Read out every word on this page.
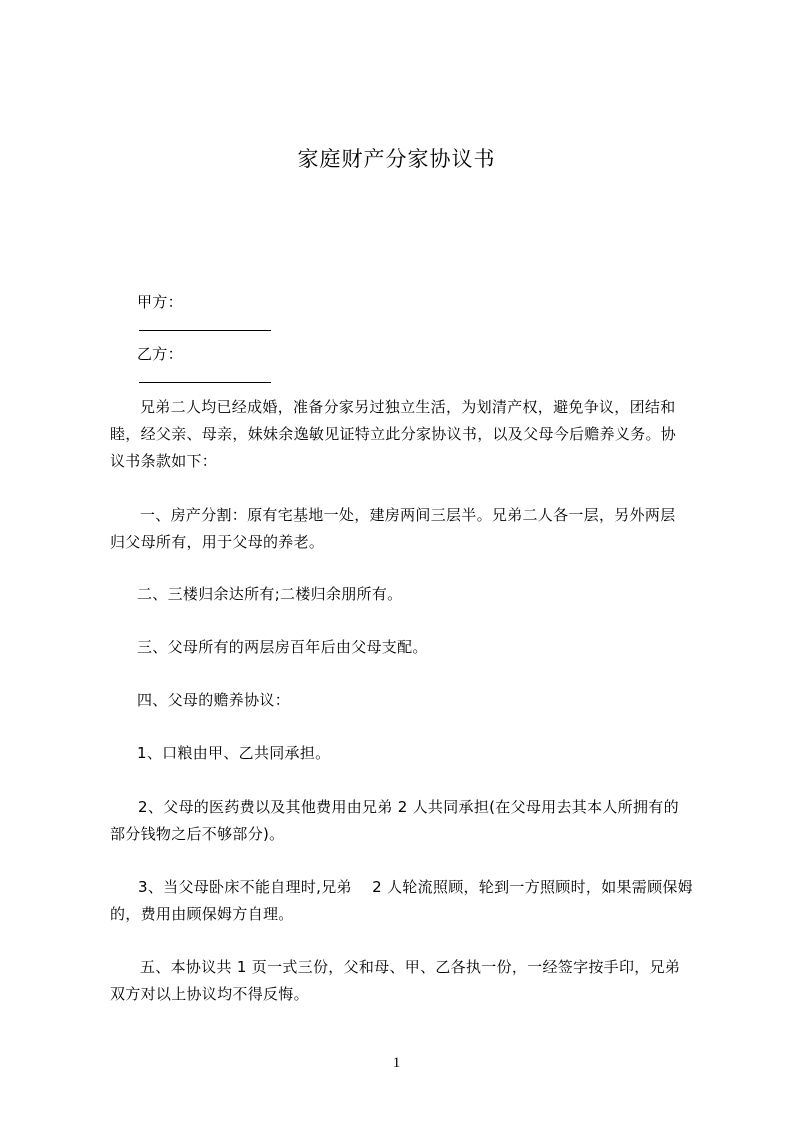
家庭财产分家协议书

甲方：

乙方：

兄弟二人均已经成婚，准备分家另过独立生活，为划清产权，避免争议，团结和
睦，经父亲、母亲，妹妹余逸敏见证特立此分家协议书，以及父母今后赡养义务。协
议书条款如下：
一、房产分割：原有宅基地一处，建房两间三层半。兄弟二人各一层，另外两层
归父母所有，用于父母的养老。
二、三楼归余达所有;二楼归余朋所有。
三、父母所有的两层房百年后由父母支配。
四、父母的赡养协议：
1、口粮由甲、乙共同承担。
2、父母的医药费以及其他费用由兄弟 2 人共同承担(在父母用去其本人所拥有的
部分钱物之后不够部分)。
3、当父母卧床不能自理时,兄弟    2 人轮流照顾，轮到一方照顾时，如果需顾保姆
的，费用由顾保姆方自理。
五、本协议共 1 页一式三份，父和母、甲、乙各执一份，一经签字按手印，兄弟
双方对以上协议均不得反悔。
1
